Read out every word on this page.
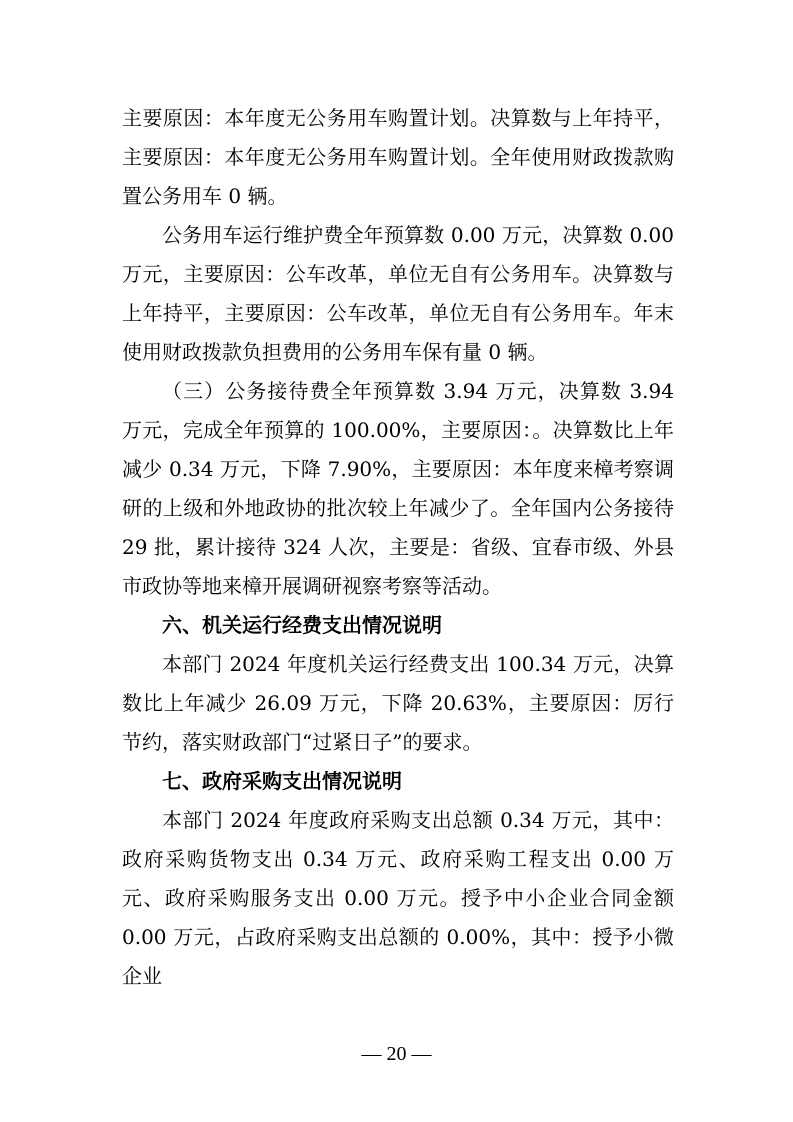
主要原因：本年度无公务用车购置计划。决算数与上年持平，主要原因：本年度无公务用车购置计划。全年使用财政拨款购置公务用车 0 辆。

公务用车运行维护费全年预算数 0.00 万元，决算数 0.00 万元，主要原因：公车改革，单位无自有公务用车。决算数与上年持平，主要原因：公车改革，单位无自有公务用车。年末使用财政拨款负担费用的公务用车保有量 0 辆。

（三）公务接待费全年预算数 3.94 万元，决算数 3.94 万元，完成全年预算的 100.00%，主要原因：。决算数比上年减少 0.34 万元，下降 7.90%，主要原因：本年度来樟考察调研的上级和外地政协的批次较上年减少了。全年国内公务接待 29 批，累计接待 324 人次，主要是：省级、宜春市级、外县市政协等地来樟开展调研视察考察等活动。

六、机关运行经费支出情况说明

本部门 2024 年度机关运行经费支出 100.34 万元，决算数比上年减少 26.09 万元，下降 20.63%，主要原因：厉行节约，落实财政部门“过紧日子”的要求。

七、政府采购支出情况说明

本部门 2024 年度政府采购支出总额 0.34 万元，其中：政府采购货物支出 0.34 万元、政府采购工程支出 0.00 万元、政府采购服务支出 0.00 万元。授予中小企业合同金额 0.00 万元，占政府采购支出总额的 0.00%，其中：授予小微企业

— 20 —
